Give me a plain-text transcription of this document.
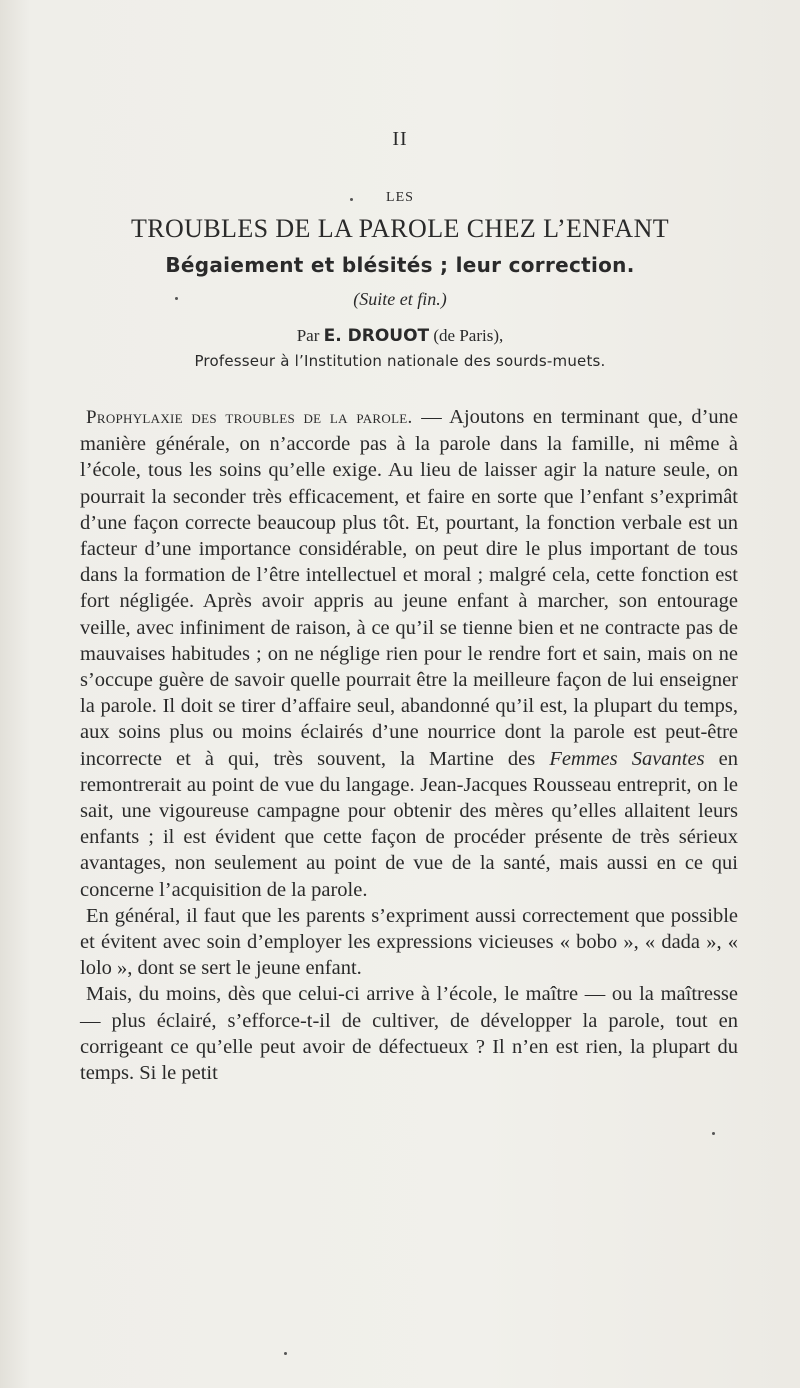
II
LES
TROUBLES DE LA PAROLE CHEZ L’ENFANT
Bégaiement et blésités ; leur correction.
(Suite et fin.)
Par E. DROUOT (de Paris),
Professeur à l’Institution nationale des sourds-muets.

Prophylaxie des troubles de la parole. — Ajoutons en terminant que, d’une manière générale, on n’accorde pas à la parole dans la famille, ni même à l’école, tous les soins qu’elle exige. Au lieu de laisser agir la nature seule, on pourrait la seconder très efficacement, et faire en sorte que l’enfant s’exprimât d’une façon correcte beaucoup plus tôt. Et, pourtant, la fonction verbale est un facteur d’une importance considérable, on peut dire le plus important de tous dans la formation de l’être intellectuel et moral ; malgré cela, cette fonction est fort négligée. Après avoir appris au jeune enfant à marcher, son entourage veille, avec infiniment de raison, à ce qu’il se tienne bien et ne contracte pas de mauvaises habitudes ; on ne néglige rien pour le rendre fort et sain, mais on ne s’occupe guère de savoir quelle pourrait être la meilleure façon de lui enseigner la parole. Il doit se tirer d’affaire seul, abandonné qu’il est, la plupart du temps, aux soins plus ou moins éclairés d’une nourrice dont la parole est peut-être incorrecte et à qui, très souvent, la Martine des Femmes Savantes en remontrerait au point de vue du langage. Jean-Jacques Rousseau entreprit, on le sait, une vigoureuse campagne pour obtenir des mères qu’elles allaitent leurs enfants ; il est évident que cette façon de procéder présente de très sérieux avantages, non seulement au point de vue de la santé, mais aussi en ce qui concerne l’acquisition de la parole.

En général, il faut que les parents s’expriment aussi correctement que possible et évitent avec soin d’employer les expressions vicieuses « bobo », « dada », « lolo », dont se sert le jeune enfant.

Mais, du moins, dès que celui-ci arrive à l’école, le maître — ou la maîtresse — plus éclairé, s’efforce-t-il de cultiver, de développer la parole, tout en corrigeant ce qu’elle peut avoir de défectueux ? Il n’en est rien, la plupart du temps. Si le petit
